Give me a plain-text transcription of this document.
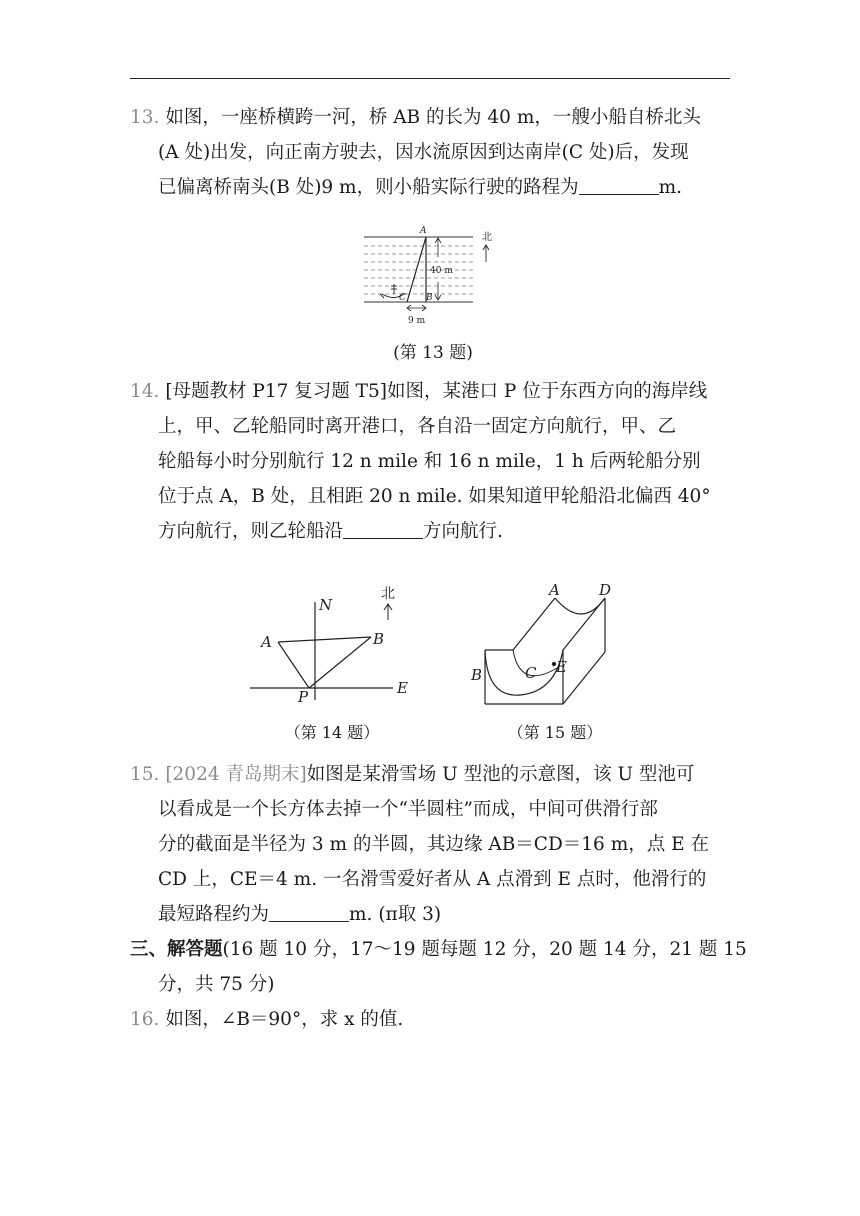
13. 如图，一座桥横跨一河，桥 AB 的长为 40 m，一艘小船自桥北头
(A 处)出发，向正南方驶去，因水流原因到达南岸(C 处)后，发现
已偏离桥南头(B 处)9 m，则小船实际行驶的路程为	m.
40 m
9 m
A
B
C
北
(第 13 题)
14. [母题教材 P17 复习题 T5]如图，某港口 P 位于东西方向的海岸线
上，甲、乙轮船同时离开港口，各自沿一固定方向航行，甲、乙
轮船每小时分别航行 12 n mile 和 16 n mile，1 h 后两轮船分别
位于点 A，B 处，且相距 20 n mile. 如果知道甲轮船沿北偏西 40°
方向航行，则乙轮船沿	方向航行.
N
A	B
P	E
北
（第 14 题）
A	D
B	C E
（第 15 题）
15. [2024 青岛期末]如图是某滑雪场 U 型池的示意图，该 U 型池可
以看成是一个长方体去掉一个“半圆柱”而成，中间可供滑行部
分的截面是半径为 3 m 的半圆，其边缘 AB＝CD＝16 m，点 E 在
CD 上，CE＝4 m. 一名滑雪爱好者从 A 点滑到 E 点时，他滑行的
最短路程约为	m. (π取 3)
三、解答题(16 题 10 分，17～19 题每题 12 分，20 题 14 分，21 题 15
分，共 75 分)
16. 如图，∠B＝90°，求 x 的值.
